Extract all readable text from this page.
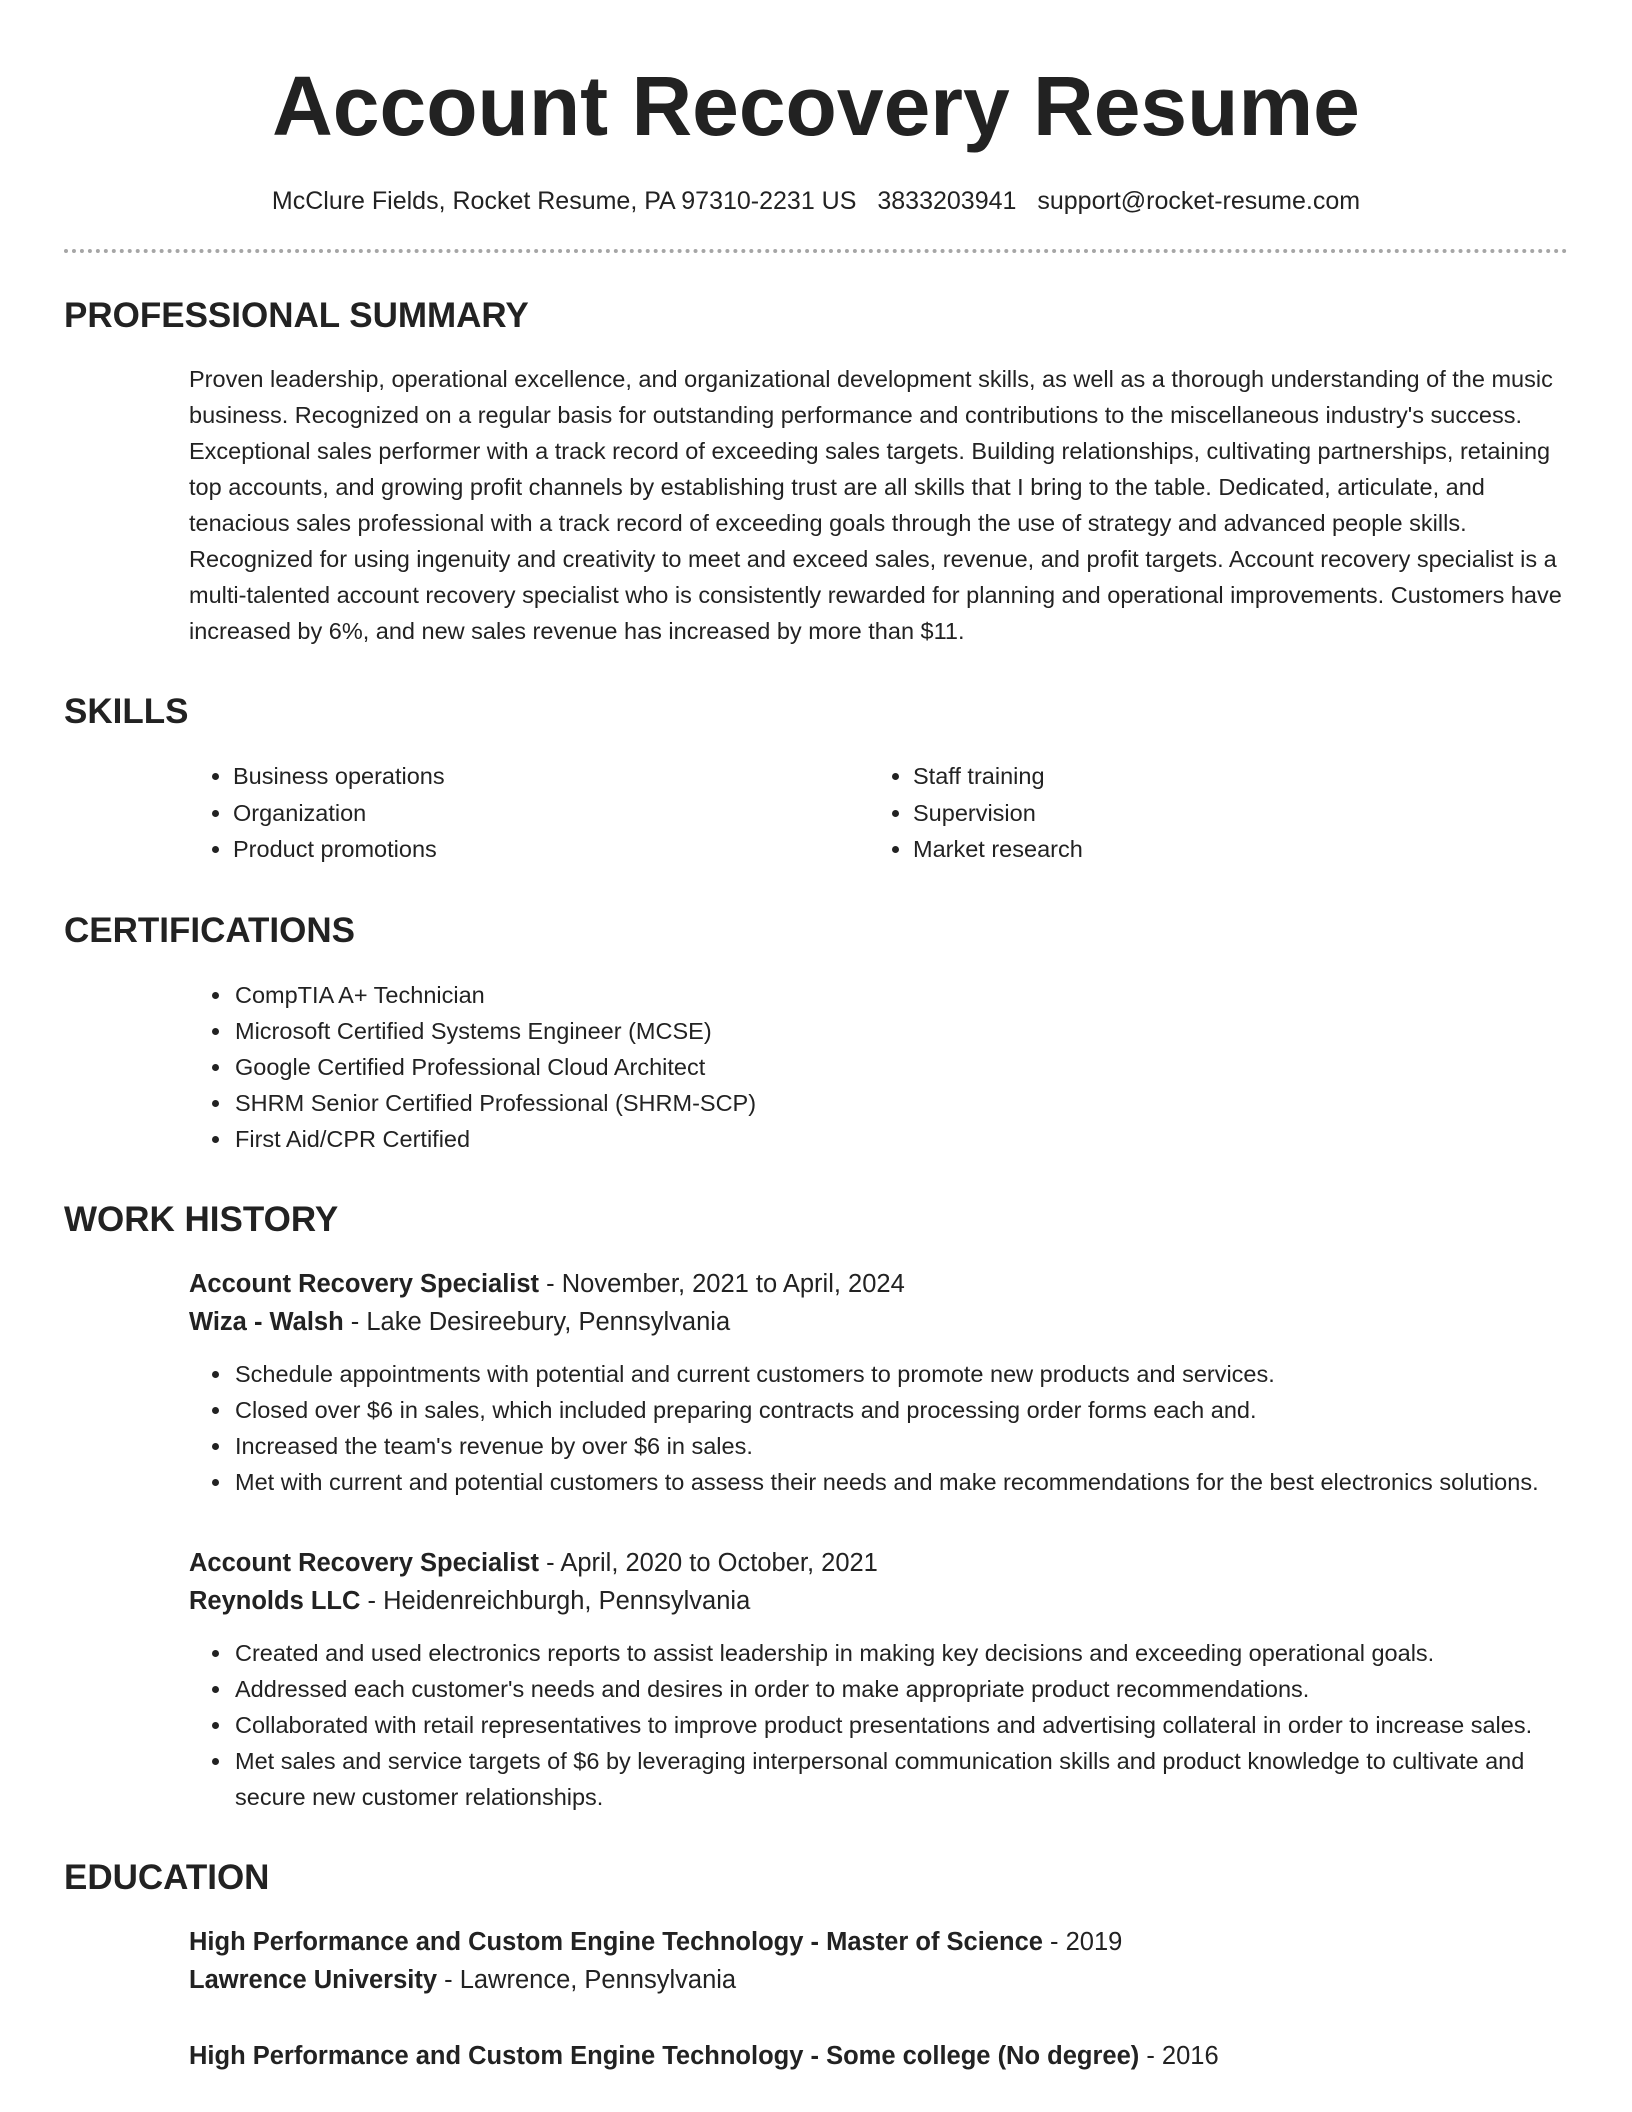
Account Recovery Resume
McClure Fields, Rocket Resume, PA 97310-2231 US 3833203941 support@rocket-resume.com
PROFESSIONAL SUMMARY
Proven leadership, operational excellence, and organizational development skills, as well as a thorough understanding of the music business. Recognized on a regular basis for outstanding performance and contributions to the miscellaneous industry's success. Exceptional sales performer with a track record of exceeding sales targets. Building relationships, cultivating partnerships, retaining top accounts, and growing profit channels by establishing trust are all skills that I bring to the table. Dedicated, articulate, and tenacious sales professional with a track record of exceeding goals through the use of strategy and advanced people skills. Recognized for using ingenuity and creativity to meet and exceed sales, revenue, and profit targets. Account recovery specialist is a multi-talented account recovery specialist who is consistently rewarded for planning and operational improvements. Customers have increased by 6%, and new sales revenue has increased by more than $11.
SKILLS
• Business operations
• Organization
• Product promotions
• Staff training
• Supervision
• Market research
CERTIFICATIONS
• CompTIA A+ Technician
• Microsoft Certified Systems Engineer (MCSE)
• Google Certified Professional Cloud Architect
• SHRM Senior Certified Professional (SHRM-SCP)
• First Aid/CPR Certified
WORK HISTORY
Account Recovery Specialist - November, 2021 to April, 2024
Wiza - Walsh - Lake Desireebury, Pennsylvania
• Schedule appointments with potential and current customers to promote new products and services.
• Closed over $6 in sales, which included preparing contracts and processing order forms each and.
• Increased the team's revenue by over $6 in sales.
• Met with current and potential customers to assess their needs and make recommendations for the best electronics solutions.
Account Recovery Specialist - April, 2020 to October, 2021
Reynolds LLC - Heidenreichburgh, Pennsylvania
• Created and used electronics reports to assist leadership in making key decisions and exceeding operational goals.
• Addressed each customer's needs and desires in order to make appropriate product recommendations.
• Collaborated with retail representatives to improve product presentations and advertising collateral in order to increase sales.
• Met sales and service targets of $6 by leveraging interpersonal communication skills and product knowledge to cultivate and secure new customer relationships.
EDUCATION
High Performance and Custom Engine Technology - Master of Science - 2019
Lawrence University - Lawrence, Pennsylvania
High Performance and Custom Engine Technology - Some college (No degree) - 2016
